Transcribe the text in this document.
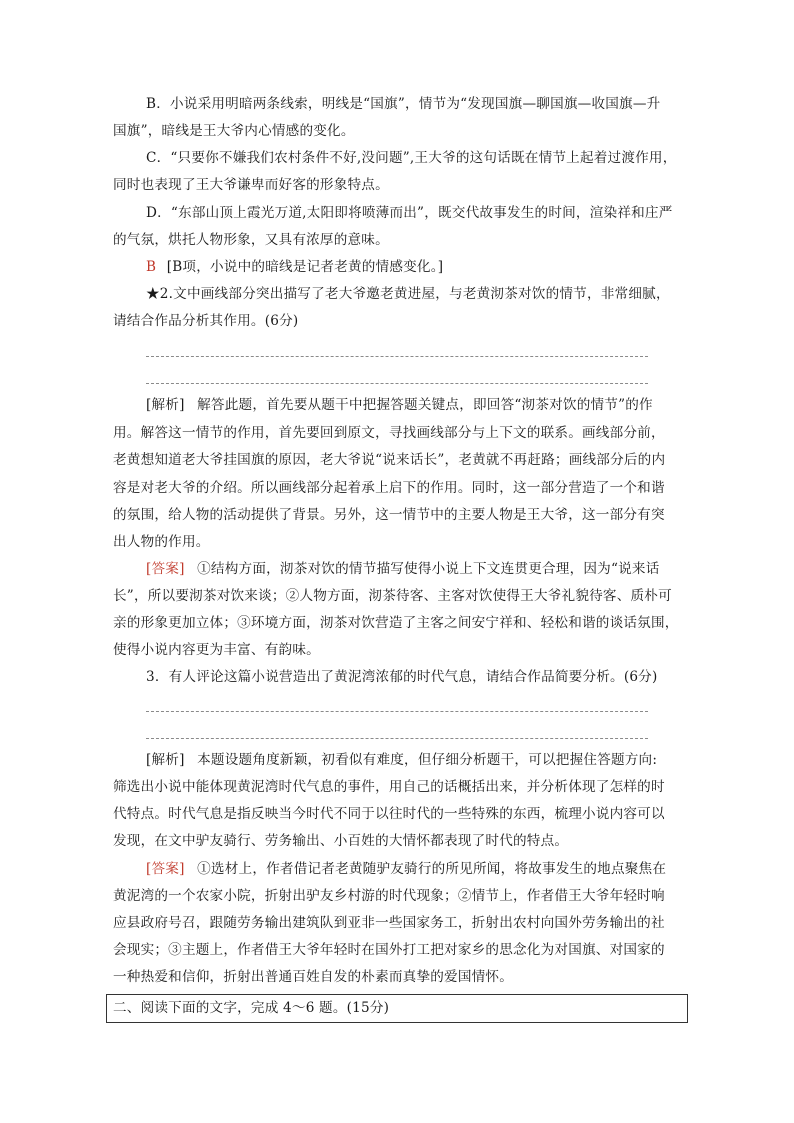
B．小说采用明暗两条线索，明线是“国旗”，情节为“发现国旗—聊国旗—收国旗—升
国旗”，暗线是王大爷内心情感的变化。
C．“只要你不嫌我们农村条件不好,没问题”,王大爷的这句话既在情节上起着过渡作用，
同时也表现了王大爷谦卑而好客的形象特点。
D．“东部山顶上霞光万道,太阳即将喷薄而出”，既交代故事发生的时间，渲染祥和庄严
的气氛，烘托人物形象，又具有浓厚的意味。
B [B项，小说中的暗线是记者老黄的情感变化。]
★2.文中画线部分突出描写了老大爷邀老黄进屋，与老黄沏茶对饮的情节，非常细腻，
请结合作品分析其作用。(6分)
[解析] 解答此题，首先要从题干中把握答题关键点，即回答“沏茶对饮的情节”的作
用。解答这一情节的作用，首先要回到原文，寻找画线部分与上下文的联系。画线部分前，
老黄想知道老大爷挂国旗的原因，老大爷说“说来话长”，老黄就不再赶路；画线部分后的内
容是对老大爷的介绍。所以画线部分起着承上启下的作用。同时，这一部分营造了一个和谐
的氛围，给人物的活动提供了背景。另外，这一情节中的主要人物是王大爷，这一部分有突
出人物的作用。
[答案] ①结构方面，沏茶对饮的情节描写使得小说上下文连贯更合理，因为“说来话
长”，所以要沏茶对饮来谈；②人物方面，沏茶待客、主客对饮使得王大爷礼貌待客、质朴可
亲的形象更加立体；③环境方面，沏茶对饮营造了主客之间安宁祥和、轻松和谐的谈话氛围，
使得小说内容更为丰富、有韵味。
3．有人评论这篇小说营造出了黄泥湾浓郁的时代气息，请结合作品简要分析。(6分)
[解析] 本题设题角度新颖，初看似有难度，但仔细分析题干，可以把握住答题方向:
筛选出小说中能体现黄泥湾时代气息的事件，用自己的话概括出来，并分析体现了怎样的时
代特点。时代气息是指反映当今时代不同于以往时代的一些特殊的东西，梳理小说内容可以
发现，在文中驴友骑行、劳务输出、小百姓的大情怀都表现了时代的特点。
[答案] ①选材上，作者借记者老黄随驴友骑行的所见所闻，将故事发生的地点聚焦在
黄泥湾的一个农家小院，折射出驴友乡村游的时代现象；②情节上，作者借王大爷年轻时响
应县政府号召，跟随劳务输出建筑队到亚非一些国家务工，折射出农村向国外劳务输出的社
会现实；③主题上，作者借王大爷年轻时在国外打工把对家乡的思念化为对国旗、对国家的
一种热爱和信仰，折射出普通百姓自发的朴素而真挚的爱国情怀。
二、阅读下面的文字，完成 4～6 题。(15分)
